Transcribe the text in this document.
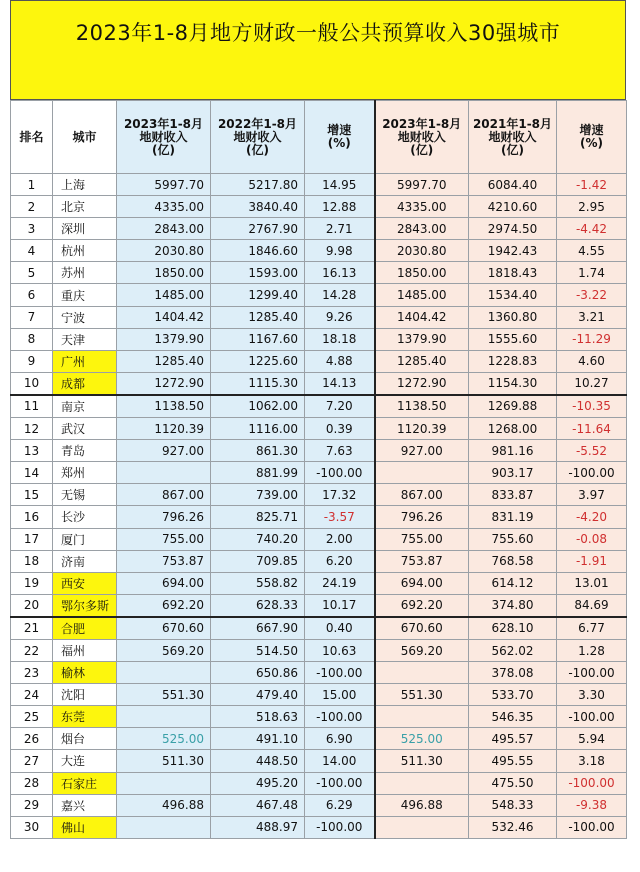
2023年1-8月地方财政一般公共预算收入30强城市
排名	城市	2023年1-8月
地财收入
(亿)	2022年1-8月
地财收入
(亿)	增速
(%)	2023年1-8月
地财收入
(亿)	2021年1-8月
地财收入
(亿)	增速
(%)
1	上海	5997.70	5217.80	14.95	5997.70	6084.40	-1.42
2	北京	4335.00	3840.40	12.88	4335.00	4210.60	2.95
3	深圳	2843.00	2767.90	2.71	2843.00	2974.50	-4.42
4	杭州	2030.80	1846.60	9.98	2030.80	1942.43	4.55
5	苏州	1850.00	1593.00	16.13	1850.00	1818.43	1.74
6	重庆	1485.00	1299.40	14.28	1485.00	1534.40	-3.22
7	宁波	1404.42	1285.40	9.26	1404.42	1360.80	3.21
8	天津	1379.90	1167.60	18.18	1379.90	1555.60	-11.29
9	广州	1285.40	1225.60	4.88	1285.40	1228.83	4.60
10	成都	1272.90	1115.30	14.13	1272.90	1154.30	10.27
11	南京	1138.50	1062.00	7.20	1138.50	1269.88	-10.35
12	武汉	1120.39	1116.00	0.39	1120.39	1268.00	-11.64
13	青岛	927.00	861.30	7.63	927.00	981.16	-5.52
14	郑州		881.99	-100.00		903.17	-100.00
15	无锡	867.00	739.00	17.32	867.00	833.87	3.97
16	长沙	796.26	825.71	-3.57	796.26	831.19	-4.20
17	厦门	755.00	740.20	2.00	755.00	755.60	-0.08
18	济南	753.87	709.85	6.20	753.87	768.58	-1.91
19	西安	694.00	558.82	24.19	694.00	614.12	13.01
20	鄂尔多斯	692.20	628.33	10.17	692.20	374.80	84.69
21	合肥	670.60	667.90	0.40	670.60	628.10	6.77
22	福州	569.20	514.50	10.63	569.20	562.02	1.28
23	榆林		650.86	-100.00		378.08	-100.00
24	沈阳	551.30	479.40	15.00	551.30	533.70	3.30
25	东莞		518.63	-100.00		546.35	-100.00
26	烟台	525.00	491.10	6.90	525.00	495.57	5.94
27	大连	511.30	448.50	14.00	511.30	495.55	3.18
28	石家庄		495.20	-100.00		475.50	-100.00
29	嘉兴	496.88	467.48	6.29	496.88	548.33	-9.38
30	佛山		488.97	-100.00		532.46	-100.00
